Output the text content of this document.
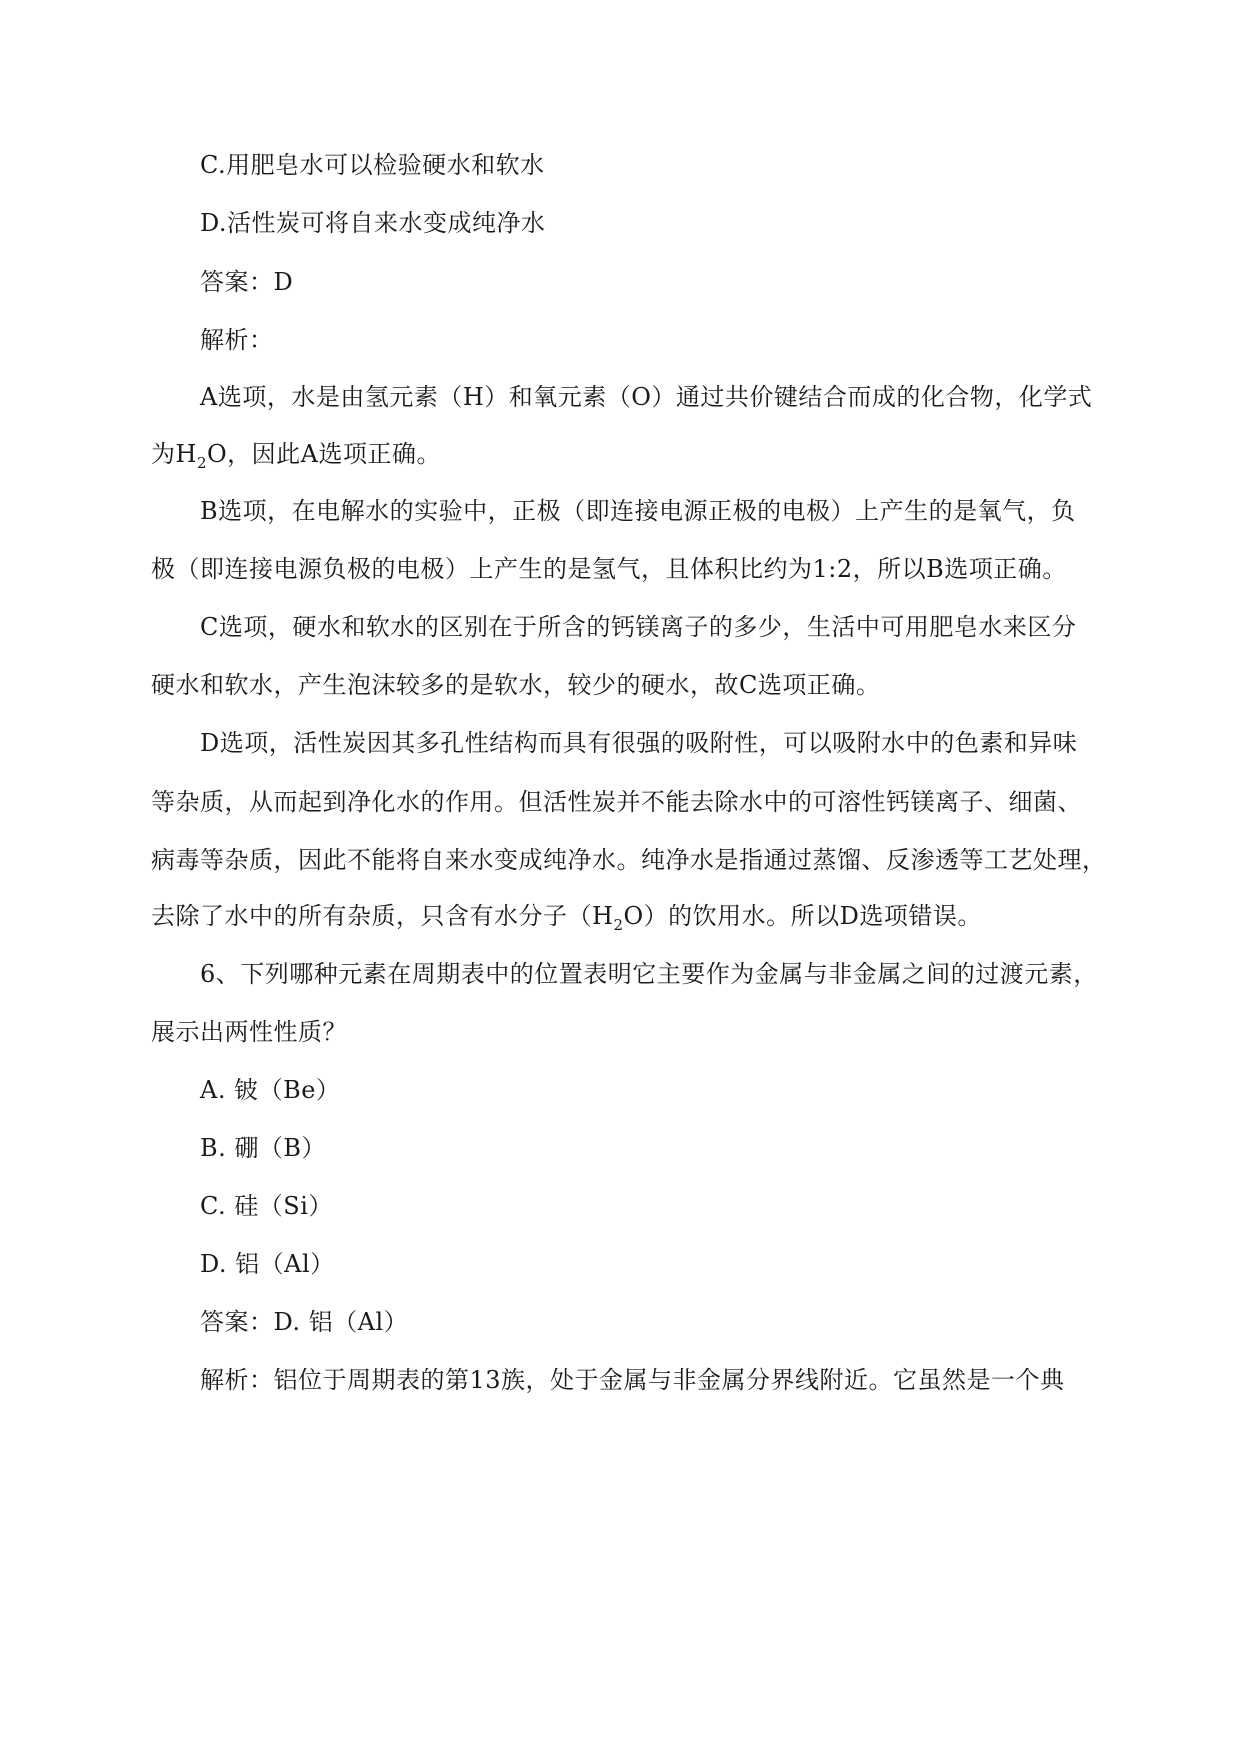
C.用肥皂水可以检验硬水和软水
D.活性炭可将自来水变成纯净水
答案：D
解析：
A选项，水是由氢元素（H）和氧元素（O）通过共价键结合而成的化合物，化学式
为$H_2O$，因此A选项正确。
B选项，在电解水的实验中，正极（即连接电源正极的电极）上产生的是氧气，负
极（即连接电源负极的电极）上产生的是氢气，且体积比约为1:2，所以B选项正确。
C选项，硬水和软水的区别在于所含的钙镁离子的多少，生活中可用肥皂水来区分
硬水和软水，产生泡沫较多的是软水，较少的硬水，故C选项正确。
D选项，活性炭因其多孔性结构而具有很强的吸附性，可以吸附水中的色素和异味
等杂质，从而起到净化水的作用。但活性炭并不能去除水中的可溶性钙镁离子、细菌、
病毒等杂质，因此不能将自来水变成纯净水。纯净水是指通过蒸馏、反渗透等工艺处理，
去除了水中的所有杂质，只含有水分子$(H_2O)$的饮用水。所以D选项错误。
6、下列哪种元素在周期表中的位置表明它主要作为金属与非金属之间的过渡元素，
展示出两性性质？
A. 铍（Be）
B. 硼（B）
C. 硅（Si）
D. 铝（Al）
答案：D. 铝（Al）
解析：铝位于周期表的第13族，处于金属与非金属分界线附近。它虽然是一个典
